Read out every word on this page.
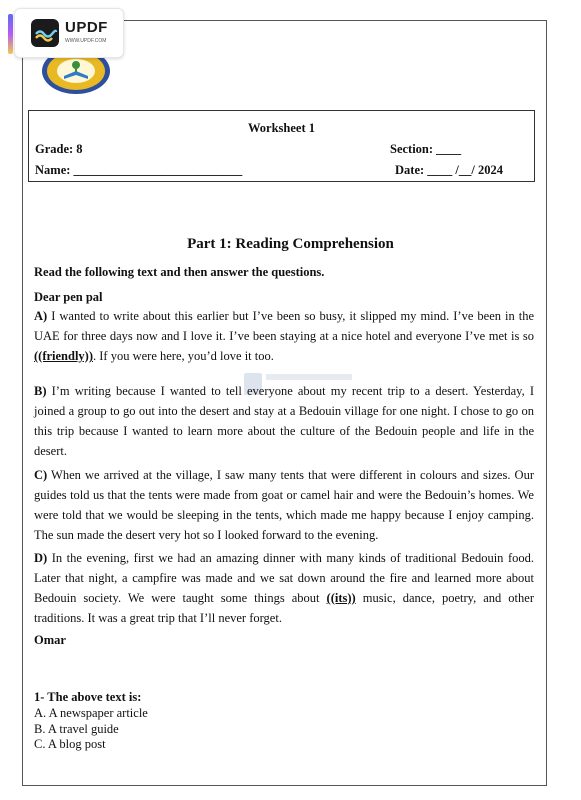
UPDF
WWW.UPDF.COM
Worksheet 1
Grade: 8	Section: ____
Name: ___________________________	Date: ____ /__/ 2024
Part 1: Reading Comprehension
Read the following text and then answer the questions.
Dear pen pal
A) I wanted to write about this earlier but I’ve been so busy, it slipped my mind. I’ve been in the UAE for three days now and I love it. I’ve been staying at a nice hotel and everyone I’ve met is so ((friendly)). If you were here, you’d love it too.
B) I’m writing because I wanted to tell everyone about my recent trip to a desert. Yesterday, I joined a group to go out into the desert and stay at a Bedouin village for one night. I chose to go on this trip because I wanted to learn more about the culture of the Bedouin people and life in the desert.
C) When we arrived at the village, I saw many tents that were different in colours and sizes. Our guides told us that the tents were made from goat or camel hair and were the Bedouin’s homes. We were told that we would be sleeping in the tents, which made me happy because I enjoy camping. The sun made the desert very hot so I looked forward to the evening.
D) In the evening, first we had an amazing dinner with many kinds of traditional Bedouin food. Later that night, a campfire was made and we sat down around the fire and learned more about Bedouin society. We were taught some things about ((its)) music, dance, poetry, and other traditions. It was a great trip that I’ll never forget.
Omar
1- The above text is:
A. A newspaper article
B. A travel guide
C. A blog post
